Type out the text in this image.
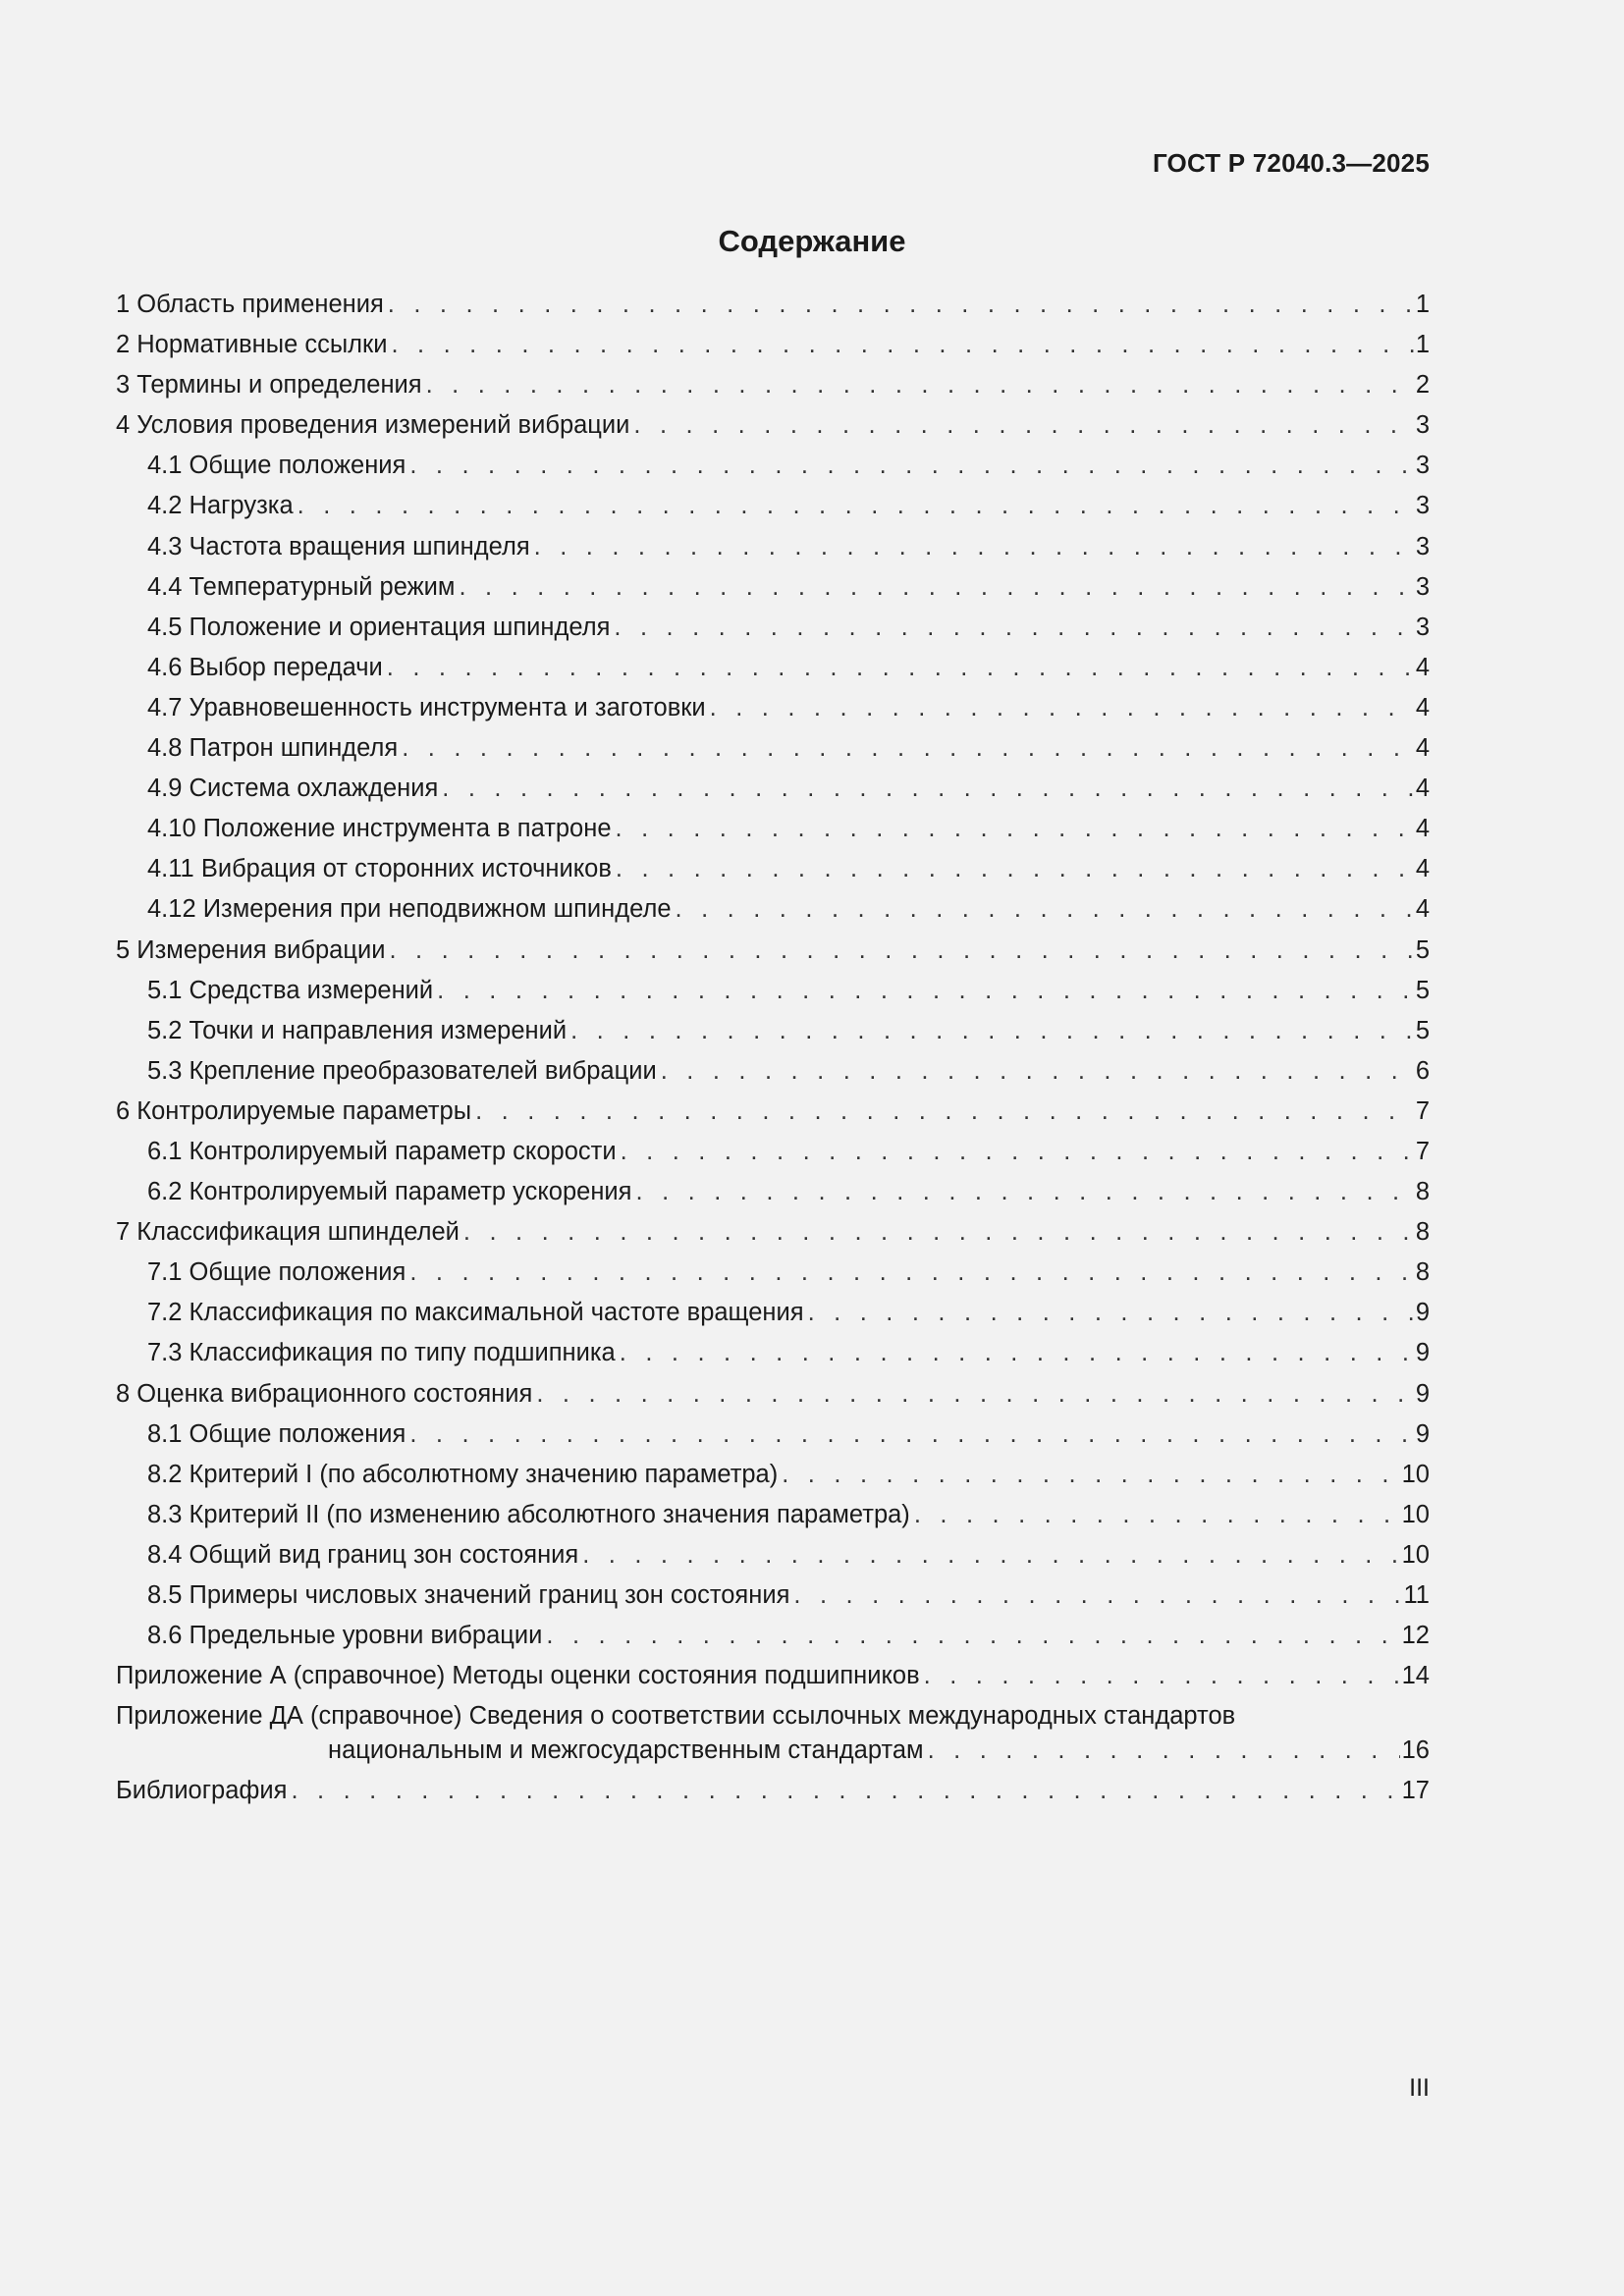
ГОСТ Р 72040.3—2025
Содержание
1 Область применения . . .	1
2 Нормативные ссылки . . .	1
3 Термины и определения . . .	2
4 Условия проведения измерений вибрации . . .	3
4.1 Общие положения . . .	3
4.2 Нагрузка . . .	3
4.3 Частота вращения шпинделя . . .	3
4.4 Температурный режим . . .	3
4.5 Положение и ориентация шпинделя . . .	3
4.6 Выбор передачи . . .	4
4.7 Уравновешенность инструмента и заготовки . . .	4
4.8 Патрон шпинделя . . .	4
4.9 Система охлаждения . . .	4
4.10 Положение инструмента в патроне . . .	4
4.11 Вибрация от сторонних источников . . .	4
4.12 Измерения при неподвижном шпинделе . . .	4
5 Измерения вибрации . . .	5
5.1 Средства измерений . . .	5
5.2 Точки и направления измерений . . .	5
5.3 Крепление преобразователей вибрации . . .	6
6 Контролируемые параметры . . .	7
6.1 Контролируемый параметр скорости . . .	7
6.2 Контролируемый параметр ускорения . . .	8
7 Классификация шпинделей . . .	8
7.1 Общие положения . . .	8
7.2 Классификация по максимальной частоте вращения . . .	9
7.3 Классификация по типу подшипника . . .	9
8 Оценка вибрационного состояния . . .	9
8.1 Общие положения . . .	9
8.2 Критерий I (по абсолютному значению параметра) . . .	10
8.3 Критерий II (по изменению абсолютного значения параметра) . . .	10
8.4 Общий вид границ зон состояния . . .	10
8.5 Примеры числовых значений границ зон состояния . . .	11
8.6 Предельные уровни вибрации . . .	12
Приложение А (справочное) Методы оценки состояния подшипников . . .	14
Приложение ДА (справочное) Сведения о соответствии ссылочных международных стандартов
национальным и межгосударственным стандартам . . .	16
Библиография . . .	17
III
